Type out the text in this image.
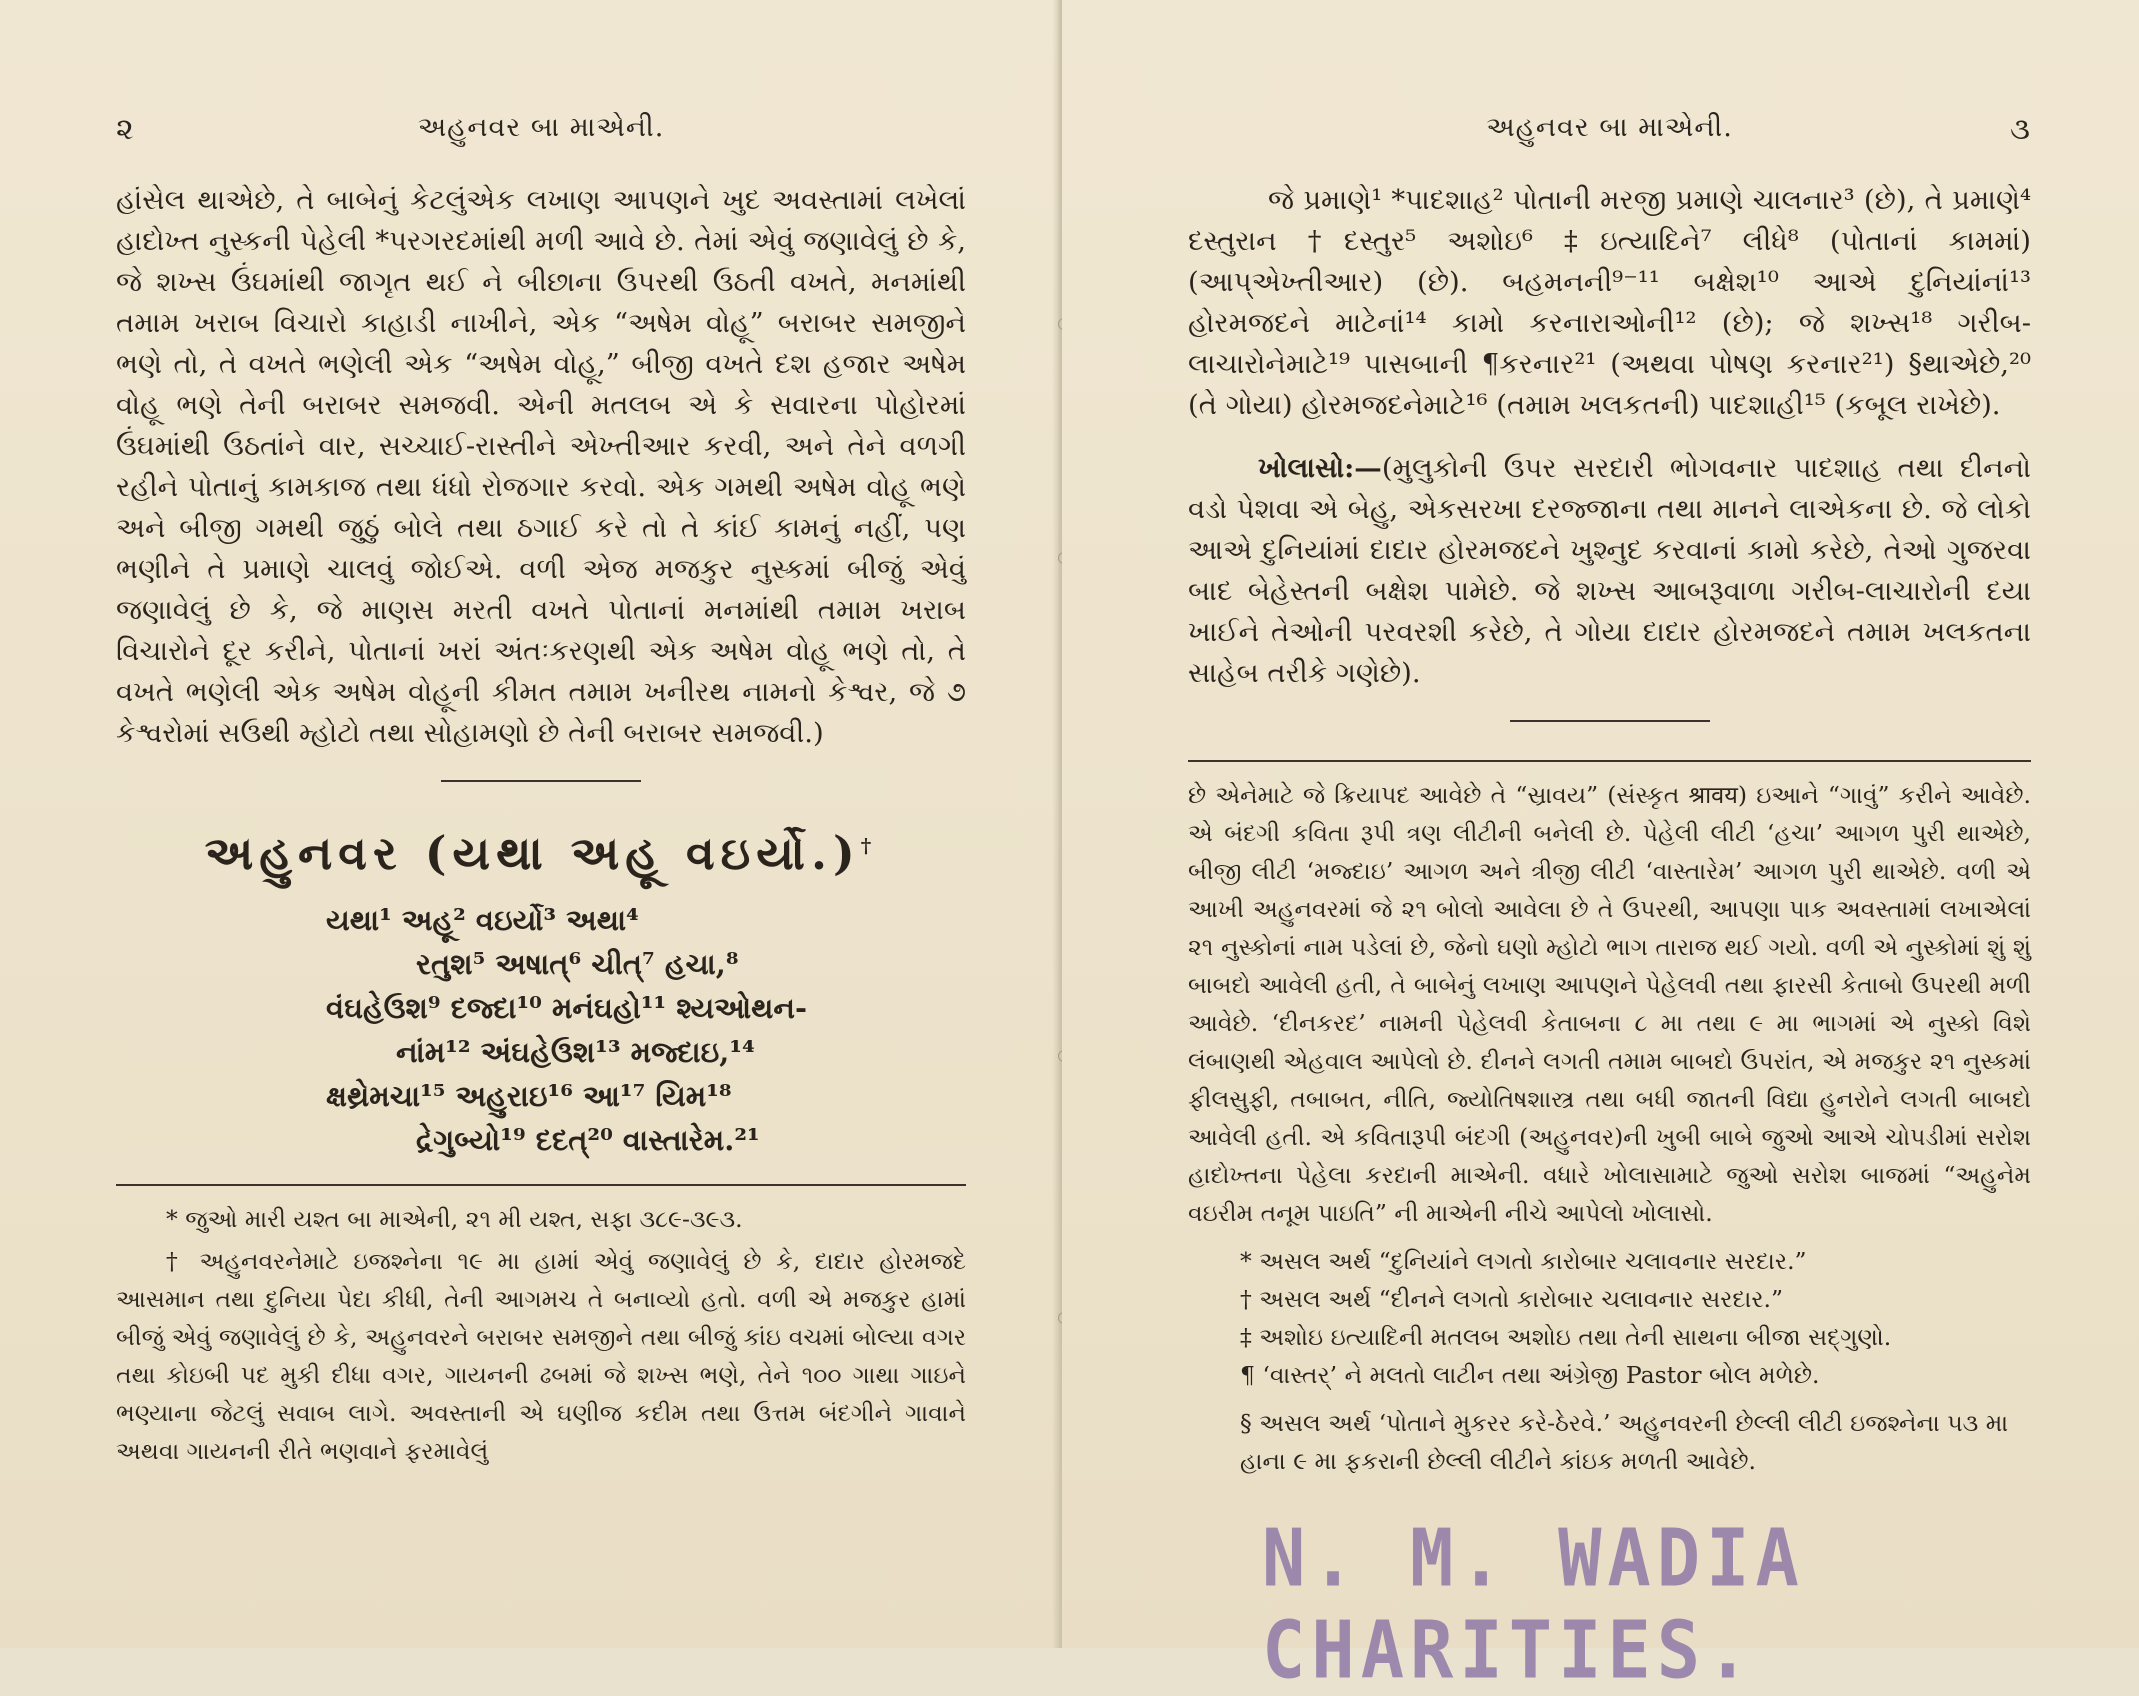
૨	અહુનવર બા માએની.

હાંસેલ થાએછે, તે બાબેનું કેટલુંએક લખાણ આપણને ખુદ અવસ્તામાં લખેલાં હાદોખ્ત નુસ્કની પેહેલી *પરગરદમાંથી મળી આવે છે. તેમાં એવું જણાવેલું છે કે, જે શખ્સ ઉંઘમાંથી જાગૃત થઈ ને બીછાના ઉપરથી ઉઠતી વખતે, મનમાંથી તમામ ખરાબ વિચારો કાહાડી નાખીને, એક “અષેમ વોહૂ” બરાબર સમજીને ભણે તો, તે વખતે ભણેલી એક “અષેમ વોહૂ,” બીજી વખતે દશ હજાર અષેમ વોહૂ ભણે તેની બરાબર સમજવી. એની મતલબ એ કે સવારના પોહોરમાં ઉંઘમાંથી ઉઠતાંને વાર, સચ્ચાઈ-રાસ્તીને એખ્તીઆર કરવી, અને તેને વળગી રહીને પોતાનું કામકાજ તથા ધંધો રોજગાર કરવો. એક ગમથી અષેમ વોહૂ ભણે અને બીજી ગમથી જુઠું બોલે તથા ઠગાઈ કરે તો તે કાંઈ કામનું નહીં, પણ ભણીને તે પ્રમાણે ચાલવું જોઈએ. વળી એજ મજકુર નુસ્કમાં બીજું એવું જણાવેલું છે કે, જે માણસ મરતી વખતે પોતાનાં મનમાંથી તમામ ખરાબ વિચારોને દૂર કરીને, પોતાનાં ખરાં અંતઃકરણથી એક અષેમ વોહૂ ભણે તો, તે વખતે ભણેલી એક અષેમ વોહૂની કીમત તમામ ખનીરથ નામનો કેશ્વર, જે ૭ કેશ્વરોમાં સઉથી મ્હોટો તથા સોહામણો છે તેની બરાબર સમજવી.)

અહુનવર (યથા અહૂ વઇર્યો.)†
યથા¹ અહૂ² વઇર્યો³ અથા⁴
રતુશ⁵ અષાત્⁶ ચીત્⁷ હચા,⁸
વંઘહેઉશ⁹ દજ્દા¹⁰ મનંઘહો¹¹ શ્યઓથન-
નાંમ¹² અંઘહેઉશ¹³ મજ્દાઇ,¹⁴
ક્ષથ્રેમચા¹⁵ અહુરાઇ¹⁶ આ¹⁷ યિમ¹⁸
દ્રેગુબ્યો¹⁹ દદત્²⁰ વાસ્તારેમ.²¹

* જુઓ મારી યશ્ત બા માએની, ૨૧ મી યશ્ત, સફા ૩૮૯-૩૯૩.

† અહુનવરનેમાટે ઇજશ્નેના ૧૯ મા હામાં એવું જણાવેલું છે કે, દાદાર હોરમજદે આસમાન તથા દુનિયા પેદા કીધી, તેની આગમચ તે બનાવ્યો હતો. વળી એ મજકુર હામાં બીજું એવું જણાવેલું છે કે, અહુનવરને બરાબર સમજીને તથા બીજું કાંઇ વચમાં બોલ્યા વગર તથા કોઇબી પદ મુકી દીધા વગર, ગાયનની ઢબમાં જે શખ્સ ભણે, તેને ૧૦૦ ગાથા ગાઇને ભણ્યાના જેટલું સવાબ લાગે. અવસ્તાની એ ઘણીજ કદીમ તથા ઉત્તમ બંદગીને ગાવાને અથવા ગાયનની રીતે ભણવાને ફરમાવેલું

અહુનવર બા માએની.	૩

જે પ્રમાણે¹ *પાદશાહ² પોતાની મરજી પ્રમાણે ચાલનાર³ (છે), તે પ્રમાણે⁴ દસ્તુરાન †દસ્તુર⁵ અશોઇ⁶ ‡ઇત્યાદિને⁷ લીધે⁸ (પોતાનાં કામમાં) (આપ્એખ્તીઆર) (છે). બહમનની⁹⁻¹¹ બક્ષેશ¹⁰ આએ દુનિયાંનાં¹³ હોરમજદને માટેનાં¹⁴ કામો કરનારાઓની¹² (છે); જે શખ્સ¹⁸ ગરીબ-લાચારોનેમાટે¹⁹ પાસબાની ¶કરનાર²¹ (અથવા પોષણ કરનાર²¹) §થાએછે,²⁰ (તે ગોયા) હોરમજદનેમાટે¹⁶ (તમામ ખલકતની) પાદશાહી¹⁵ (કબૂલ રાખેછે).

ખોલાસો:—(મુલુકોની ઉપર સરદારી ભોગવનાર પાદશાહ તથા દીનનો વડો પેશવા એ બેહુ, એકસરખા દરજ્જાના તથા માનને લાએકના છે. જે લોકો આએ દુનિયાંમાં દાદાર હોરમજદને ખુશ્નુદ કરવાનાં કામો કરેછે, તેઓ ગુજરવા બાદ બેહેસ્તની બક્ષેશ પામેછે. જે શખ્સ આબરૂવાળા ગરીબ-લાચારોની દયા ખાઈને તેઓની પરવરશી કરેછે, તે ગોયા દાદાર હોરમજદને તમામ ખલકતના સાહેબ તરીકે ગણેછે).

છે એનેમાટે જે ક્રિયાપદ આવેછે તે “સ્રાવય” (સંસ્કૃત श्रावय) ઇઆને “ગાવું” કરીને આવેછે. એ બંદગી કવિતા રૂપી ત્રણ લીટીની બનેલી છે. પેહેલી લીટી ‘હચા’ આગળ પુરી થાએછે, બીજી લીટી ‘મજ્દાઇ’ આગળ અને ત્રીજી લીટી ‘વાસ્તારેમ’ આગળ પુરી થાએછે. વળી એ આખી અહુનવરમાં જે ૨૧ બોલો આવેલા છે તે ઉપરથી, આપણા પાક અવસ્તામાં લખાએલાં ૨૧ નુસ્કોનાં નામ પડેલાં છે, જેનો ઘણો મ્હોટો ભાગ તારાજ થઈ ગયો. વળી એ નુસ્કોમાં શું શું બાબદો આવેલી હતી, તે બાબેનું લખાણ આપણને પેહેલવી તથા ફારસી કેતાબો ઉપરથી મળી આવેછે. ‘દીનકરદ’ નામની પેહેલવી કેતાબના ૮ મા તથા ૯ મા ભાગમાં એ નુસ્કો વિશે લંબાણથી એહવાલ આપેલો છે. દીનને લગતી તમામ બાબદો ઉપરાંત, એ મજકુર ૨૧ નુસ્કમાં ફીલસુફી, તબાબત, નીતિ, જ્યોતિષશાસ્ત્ર તથા બધી જાતની વિદ્યા હુનરોને લગતી બાબદો આવેલી હતી. એ કવિતારૂપી બંદગી (અહુનવર)ની ખુબી બાબે જુઓ આએ ચોપડીમાં સરોશ હાદોખ્તના પેહેલા કરદાની માએની. વધારે ખોલાસામાટે જુઓ સરોશ બાજમાં “અહુનેમ વઇરીમ તનૂમ પાઇતિ” ની માએની નીચે આપેલો ખોલાસો.

* અસલ અર્થ “દુનિયાંને લગતો કારોબાર ચલાવનાર સરદાર.”

† અસલ અર્થ “દીનને લગતો કારોબાર ચલાવનાર સરદાર.”

‡ અશોઇ ઇત્યાદિની મતલબ અશોઇ તથા તેની સાથના બીજા સદ્‌ગુણો.

¶ ‘વાસ્તર્’ ને મલતો લાટીન તથા અંગ્રેજી Pastor બોલ મળેછે.

§ અસલ અર્થ ‘પોતાને મુકરર કરે-ઠેરવે.’ અહુનવરની છેલ્લી લીટી ઇજશ્નેના ૫૩ મા હાના ૯ મા ફકરાની છેલ્લી લીટીને કાંઇક મળતી આવેછે.
N. M. WADIA CHARITIES.
